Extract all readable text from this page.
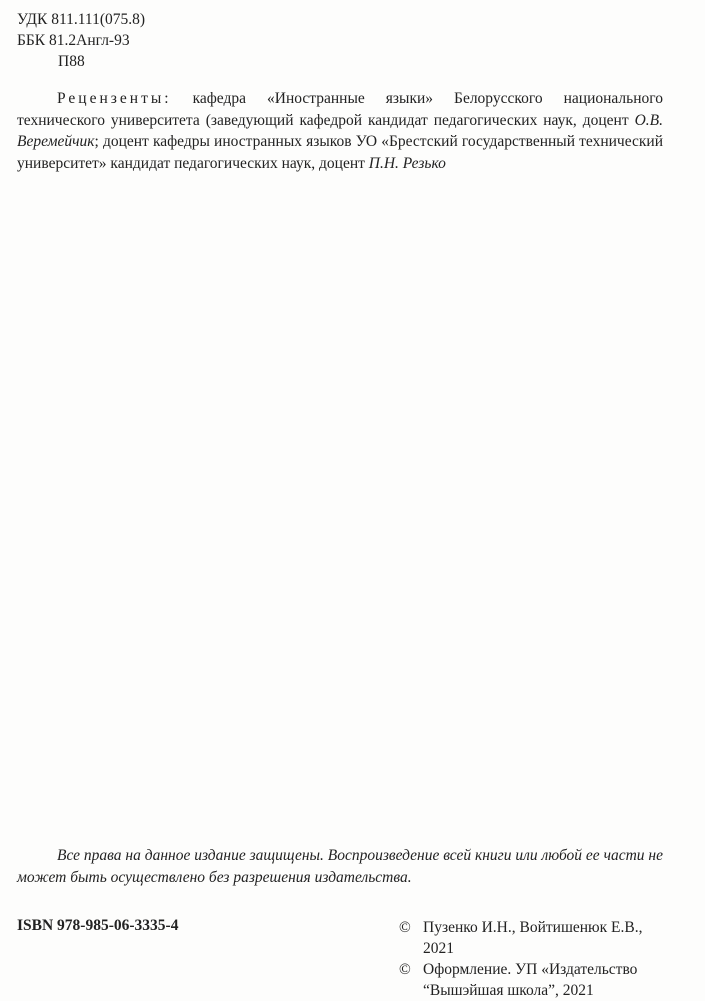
УДК 811.111(075.8)
ББК 81.2Англ-93
П88
Рецензенты: кафедра «Иностранные языки» Белорусского национального технического университета (заведующий кафедрой кандидат педагогических наук, доцент О.В. Веремейчик; доцент кафедры иностранных языков УО «Брестский государственный технический университет» кандидат педагогических наук, доцент П.Н. Резько
Все права на данное издание защищены. Воспроизведение всей книги или любой ее части не может быть осуществлено без разрешения издательства.
ISBN 978-985-06-3335-4	© Пузенко И.Н., Войтишенюк Е.В.,
2021
© Оформление. УП «Издательство
“Вышэйшая школа”, 2021
